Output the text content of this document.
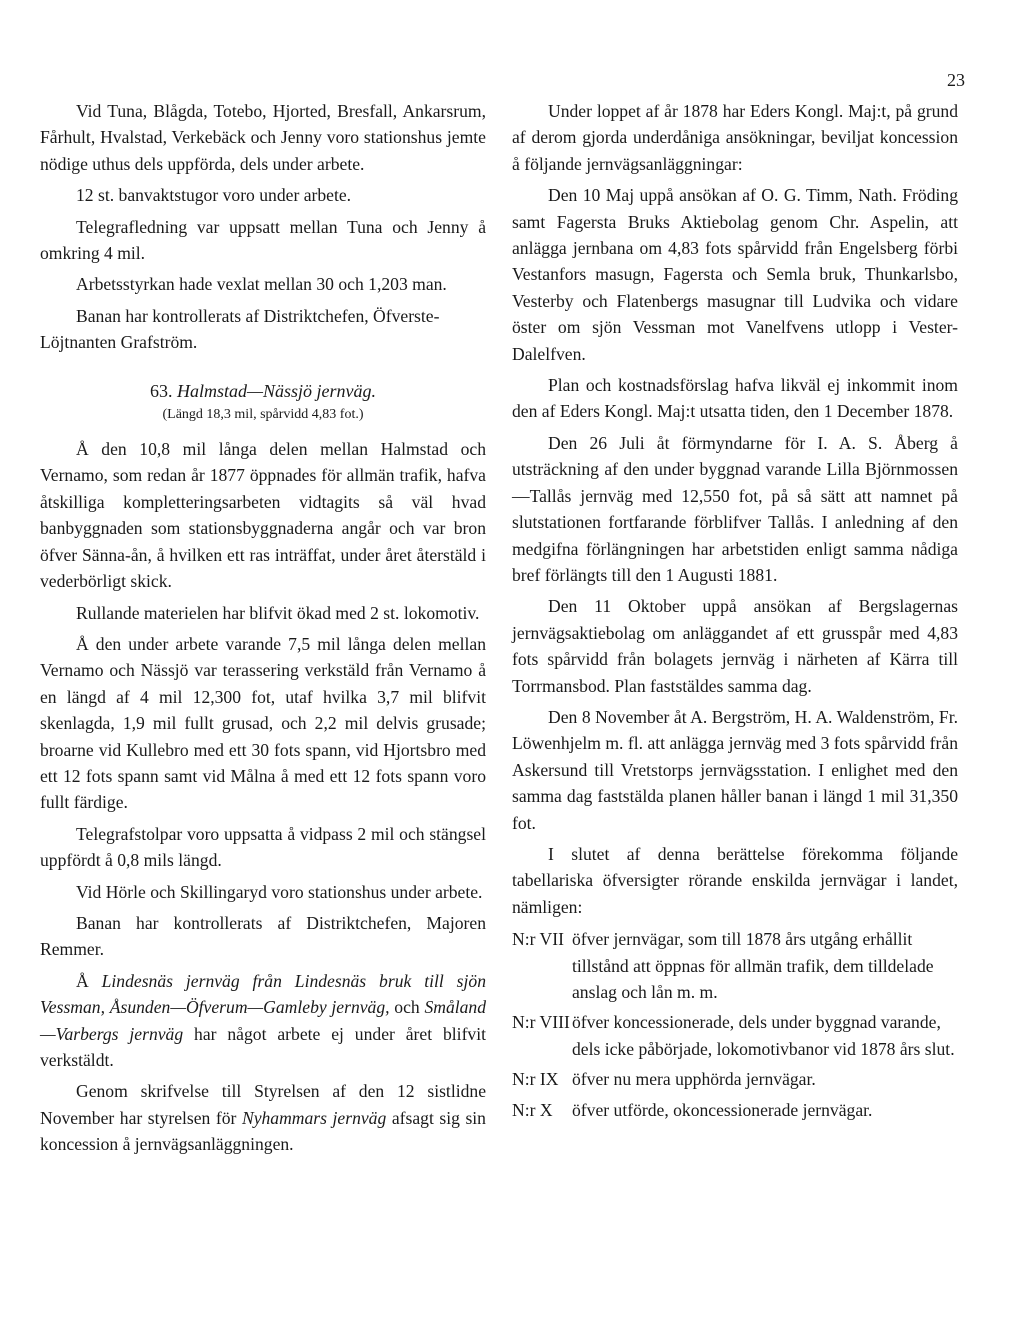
23

Vid Tuna, Blågda, Totebo, Hjorted, Bresfall, Ankarsrum, Fårhult, Hvalstad, Verkebäck och Jenny voro stationshus jemte nödige uthus dels uppförda, dels under arbete.

12 st. banvaktstugor voro under arbete.

Telegrafledning var uppsatt mellan Tuna och Jenny å omkring 4 mil.

Arbetsstyrkan hade vexlat mellan 30 och 1,203 man.

Banan har kontrollerats af Distriktchefen, Öfverste-Löjtnanten Grafström.

63. Halmstad—Nässjö jernväg.

(Längd 18,3 mil, spårvidd 4,83 fot.)

Å den 10,8 mil långa delen mellan Halmstad och Vernamo, som redan år 1877 öppnades för allmän trafik, hafva åtskilliga kompletteringsarbeten vidtagits så väl hvad banbyggnaden som stationsbyggnaderna angår och var bron öfver Sänna-ån, å hvilken ett ras inträffat, under året återstäld i vederbörligt skick.

Rullande materielen har blifvit ökad med 2 st. lokomotiv.

Å den under arbete varande 7,5 mil långa delen mellan Vernamo och Nässjö var terassering verkstäld från Vernamo å en längd af 4 mil 12,300 fot, utaf hvilka 3,7 mil blifvit skenlagda, 1,9 mil fullt grusad, och 2,2 mil delvis grusade; broarne vid Kullebro med ett 30 fots spann, vid Hjortsbro med ett 12 fots spann samt vid Målna å med ett 12 fots spann voro fullt färdige.

Telegrafstolpar voro uppsatta å vidpass 2 mil och stängsel uppfördt å 0,8 mils längd.

Vid Hörle och Skillingaryd voro stationshus under arbete.

Banan har kontrollerats af Distriktchefen, Majoren Remmer.

Å Lindesnäs jernväg från Lindesnäs bruk till sjön Vessman, Åsunden—Öfverum—Gamleby jernväg, och Småland—Varbergs jernväg har något arbete ej under året blifvit verkstäldt.

Genom skrifvelse till Styrelsen af den 12 sistlidne November har styrelsen för Nyhammars jernväg afsagt sig sin koncession å jernvägsanläggningen.

Under loppet af år 1878 har Eders Kongl. Maj:t, på grund af derom gjorda underdåniga ansökningar, beviljat koncession å följande jernvägsanläggningar:

Den 10 Maj uppå ansökan af O. G. Timm, Nath. Fröding samt Fagersta Bruks Aktiebolag genom Chr. Aspelin, att anlägga jernbana om 4,83 fots spårvidd från Engelsberg förbi Vestanfors masugn, Fagersta och Semla bruk, Thunkarlsbo, Vesterby och Flatenbergs masugnar till Ludvika och vidare öster om sjön Vessman mot Vanelfvens utlopp i Vester-Dalelfven.

Plan och kostnadsförslag hafva likväl ej inkommit inom den af Eders Kongl. Maj:t utsatta tiden, den 1 December 1878.

Den 26 Juli åt förmyndarne för I. A. S. Åberg å utsträckning af den under byggnad varande Lilla Björnmossen—Tallås jernväg med 12,550 fot, på så sätt att namnet på slutstationen fortfarande förblifver Tallås. I anledning af den medgifna förlängningen har arbetstiden enligt samma nådiga bref förlängts till den 1 Augusti 1881.

Den 11 Oktober uppå ansökan af Bergslagernas jernvägsaktiebolag om anläggandet af ett grusspår med 4,83 fots spårvidd från bolagets jernväg i närheten af Kärra till Torrmansbod. Plan faststäldes samma dag.

Den 8 November åt A. Bergström, H. A. Waldenström, Fr. Löwenhjelm m. fl. att anlägga jernväg med 3 fots spårvidd från Askersund till Vretstorps jernvägsstation. I enlighet med den samma dag faststälda planen håller banan i längd 1 mil 31,350 fot.

I slutet af denna berättelse förekomma följande tabellariska öfversigter rörande enskilda jernvägar i landet, nämligen:

N:r VII öfver jernvägar, som till 1878 års utgång erhållit tillstånd att öppnas för allmän trafik, dem tilldelade anslag och lån m. m.
N:r VIII öfver koncessionerade, dels under byggnad varande, dels icke påbörjade, lokomotivbanor vid 1878 års slut.
N:r IX öfver nu mera upphörda jernvägar.
N:r X	öfver utförde, okoncessionerade jernvägar.
